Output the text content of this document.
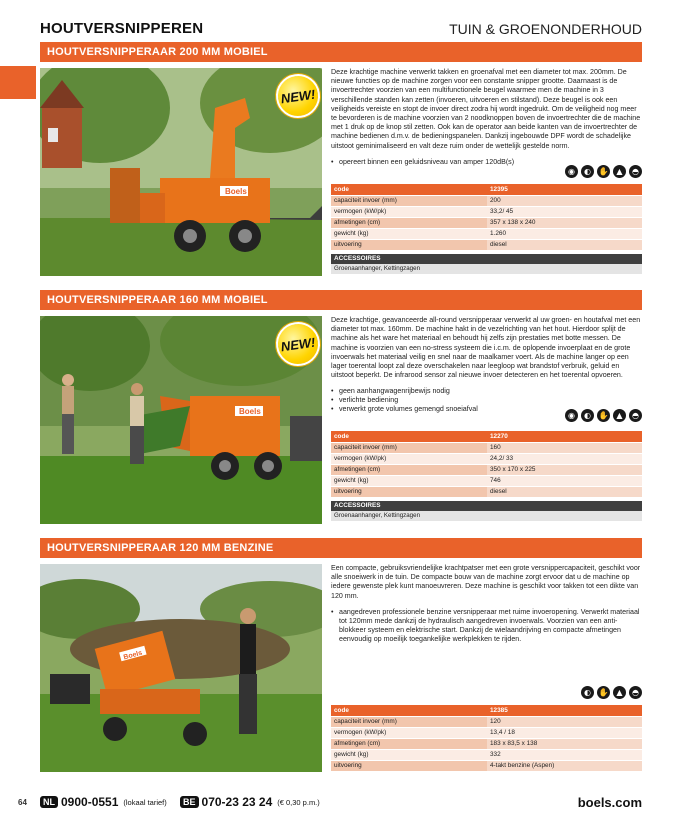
HOUTVERSNIPPEREN	TUIN & GROENONDERHOUD
HOUTVERSNIPPERAAR 200 MM MOBIEL
Boels
NEW!

Deze krachtige machine verwerkt takken en groenafval met een diameter tot max. 200mm. De nieuwe functies op de machine zorgen voor een constante snipper grootte. Daarnaast is de invoertrechter voorzien van een multifunctionele beugel waarmee men de machine in 3 verschillende standen kan zetten (invoeren, uitvoeren en stilstand). Deze beugel is ook een veiligheids vereiste en stopt de invoer direct zodra hij wordt ingedrukt. Om de veiligheid nog meer te bevorderen is de machine voorzien van 2 noodknoppen boven de invoertrechter die de machine met 1 druk op de knop stil zetten. Ook kan de operator aan beide kanten van de invoertrechter de machine bedienen d.m.v. de bedieningspanelen. Dankzij ingebouwde DPF wordt de schadelijke uitstoot geminimaliseerd en valt deze ruim onder de wettelijk gestelde norm.

• opereert binnen een geluidsniveau van amper 120dB(s)
◉	◐ ✋ ▲	◓
code	12395
capaciteit invoer (mm)	200
vermogen (kW/pk)	33,2/ 45
afmetingen (cm)	357 x 138 x 240
gewicht (kg)	1.260
uitvoering	diesel
ACCESSOIRES
Groenaanhanger, Kettingzagen
HOUTVERSNIPPERAAR 160 MM MOBIEL
Boels
NEW!

Deze krachtige, geavanceerde all-round versnipperaar verwerkt al uw groen- en houtafval met een diameter tot max. 160mm. De machine hakt in de vezelrichting van het hout. Hierdoor splijt de machine als het ware het materiaal en behoudt hij zelfs zijn prestaties met botte messen. De machine is voorzien van een no-stress systeem die i.c.m. de oplopende invoerplaat en de grote invoerwals het materiaal veilig en snel naar de maalkamer voert. Als de machine langer op een lager toerental loopt zal deze overschakelen naar leegloop wat brandstof verbruik, geluid en uitstoot beperkt. De infrarood sensor zal nieuwe invoer detecteren en het toerental opvoeren.

• geen aanhangwagenrijbewijs nodig
• verlichte bediening
• verwerkt grote volumes gemengd snoeiafval
◉	◐ ✋ ▲	◓
code	12270
capaciteit invoer (mm)	160
vermogen (kW/pk)	24,2/ 33
afmetingen (cm)	350 x 170 x 225
gewicht (kg)	746
uitvoering	diesel
ACCESSOIRES
Groenaanhanger, Kettingzagen
HOUTVERSNIPPERAAR 120 MM BENZINE
Boels

Een compacte, gebruiksvriendelijke krachtpatser met een grote versnippercapaciteit, geschikt voor alle snoeiwerk in de tuin. De compacte bouw van de machine zorgt ervoor dat u de machine op iedere gewenste plek kunt manoeuvreren. Deze machine is geschikt voor takken tot een dikte van 120 mm.

• aangedreven professionele benzine versnipperaar met ruime invoeropening. Verwerkt materiaal tot 120mm mede dankzij de hydraulisch aangedreven invoerwals. Voorzien van een anti-blokkeer systeem en elektrische start. Dankzij de wielaandrijving en compacte afmetingen eenvoudig op moeilijk toegankelijke werkplekken te rijden.
◐ ✋ ▲	◓
code	12385
capaciteit invoer (mm)	120
vermogen (kW/pk)	13,4 / 18
afmetingen (cm)	183 x 83,5 x 138
gewicht (kg)	332
uitvoering	4-takt benzine (Aspen)
64	NL 0900-0551 (lokaal tarief)	BE 070-23 23 24 (€ 0,30 p.m.)	boels.com
